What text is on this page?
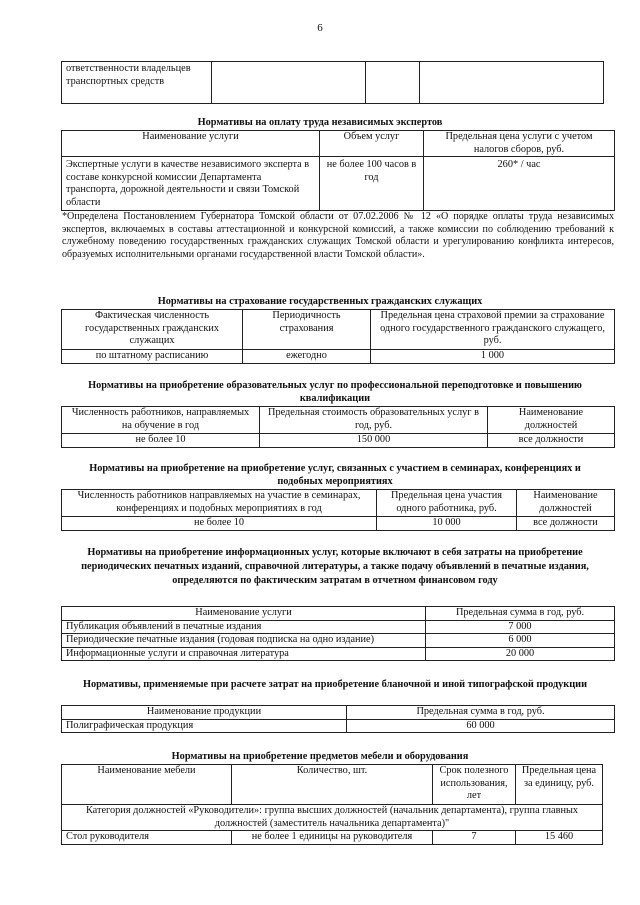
6
ответственности владельцев транспортных средств			
Нормативы на оплату труда независимых экспертов
Наименование услуги	Объем услуг	Предельная цена услуги с учетом налогов сборов, руб.
Экспертные услуги в качестве независимого эксперта в составе конкурсной комиссии Департамента транспорта, дорожной деятельности и связи Томской области	не более 100 часов в год	260* / час
*Определена Постановлением Губернатора Томской области от 07.02.2006 № 12 «О порядке оплаты труда независимых экспертов, включаемых в составы аттестационной и конкурсной комиссий, а также комиссии по соблюдению требований к служебному поведению государственных гражданских служащих Томской области и урегулированию конфликта интересов, образуемых исполнительными органами государственной власти Томской области».
Нормативы на страхование государственных гражданских служащих
Фактическая численность государственных гражданских служащих	Периодичность страхования	Предельная цена страховой премии за страхование одного государственного гражданского служащего, руб.
по штатному расписанию	ежегодно	1 000
Нормативы на приобретение образовательных услуг по профессиональной переподготовке и повышению квалификации
Численность работников, направляемых на обучение в год	Предельная стоимость образовательных услуг в год, руб.	Наименование должностей
не более 10	150 000	все должности
Нормативы на приобретение на приобретение услуг, связанных с участием в семинарах, конференциях и подобных мероприятиях
Численность работников направляемых на участие в семинарах, конференциях и подобных мероприятиях в год	Предельная цена участия одного работника, руб.	Наименование должностей
не более 10	10 000	все должности
Нормативы на приобретение информационных услуг, которые включают в себя затраты на приобретение периодических печатных изданий, справочной литературы, а также подачу объявлений в печатные издания, определяются по фактическим затратам в отчетном финансовом году
Наименование услуги	Предельная сумма в год, руб.
Публикация объявлений в печатные издания	7 000
Периодические печатные издания (годовая подписка на одно издание)	6 000
Информационные услуги и справочная литература	20 000
Нормативы, применяемые при расчете затрат на приобретение бланочной и иной типографской продукции
Наименование продукции	Предельная сумма в год, руб.
Полиграфическая продукция	60 000
Нормативы на приобретение предметов мебели и оборудования
Наименование мебели	Количество, шт.	Срок полезного использования, лет	Предельная цена за единицу, руб.
Категория должностей «Руководители»: группа высших должностей (начальник департамента), группа главных должностей (заместитель начальника департамента)"			
Стол руководителя	не более 1 единицы на руководителя	7	15 460
